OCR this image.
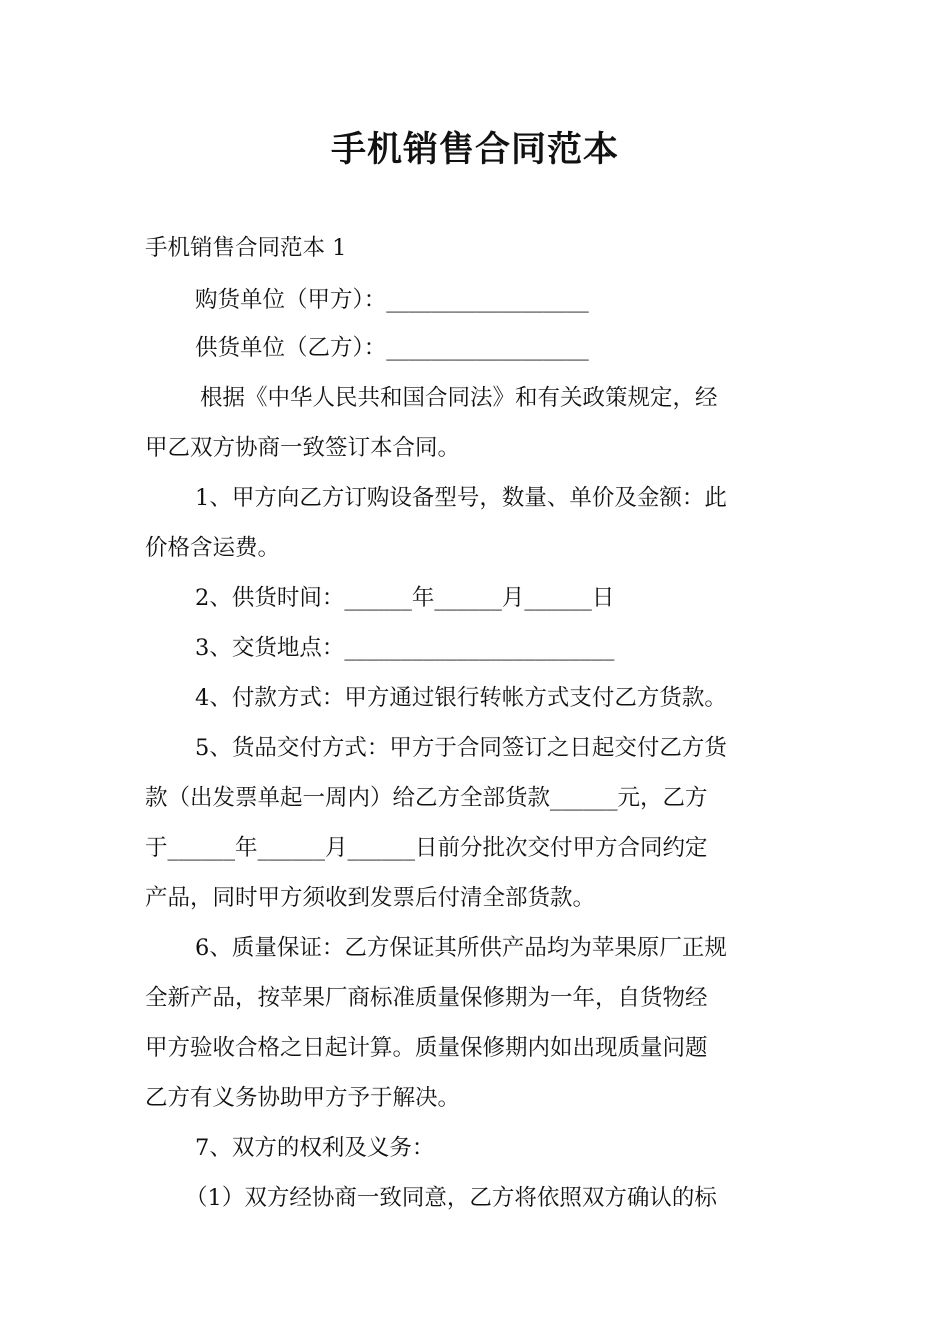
手机销售合同范本

手机销售合同范本 1

购货单位（甲方）：__________________

供货单位（乙方）：__________________

根据《中华人民共和国合同法》和有关政策规定，经

甲乙双方协商一致签订本合同。

1、甲方向乙方订购设备型号，数量、单价及金额：此

价格含运费。

2、供货时间：______年______月______日

3、交货地点：________________________

4、付款方式：甲方通过银行转帐方式支付乙方货款。

5、货品交付方式：甲方于合同签订之日起交付乙方货

款（出发票单起一周内）给乙方全部货款______元，乙方

于______年______月______日前分批次交付甲方合同约定

产品，同时甲方须收到发票后付清全部货款。

6、质量保证：乙方保证其所供产品均为苹果原厂正规

全新产品，按苹果厂商标准质量保修期为一年，自货物经

甲方验收合格之日起计算。质量保修期内如出现质量问题

乙方有义务协助甲方予于解决。

7、双方的权利及义务：

（1）双方经协商一致同意，乙方将依照双方确认的标
